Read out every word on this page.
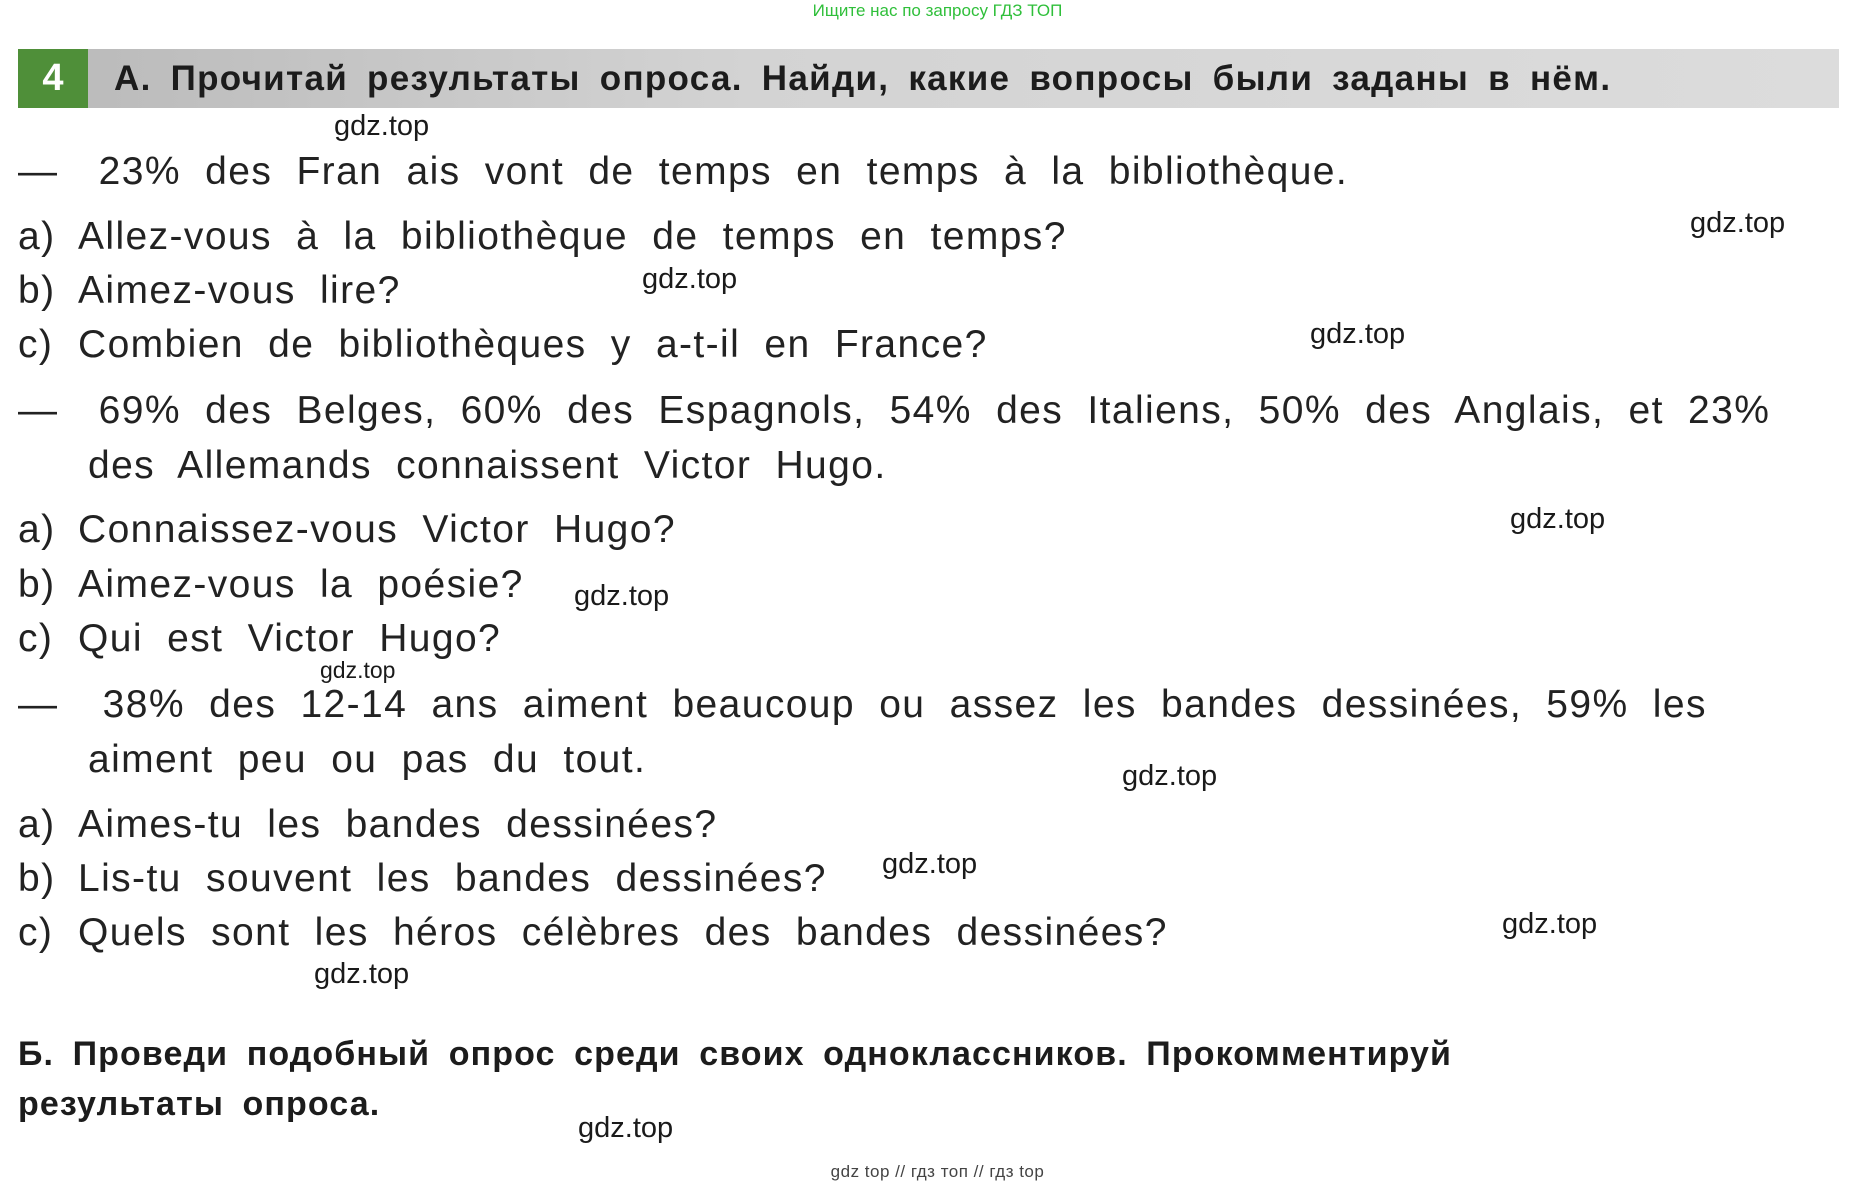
Ищите нас по запросу ГДЗ ТОП
4	А. Прочитай результаты опроса. Найди, какие вопросы были заданы в нём.
— 23% des Fran ais vont de temps en temps à la bibliothèque.
a) Allez-vous à la bibliothèque de temps en temps?
b) Aimez-vous lire?
c) Combien de bibliothèques y a-t-il en France?
— 69% des Belges, 60% des Espagnols, 54% des Italiens, 50% des Anglais, et 23%
des Allemands connaissent Victor Hugo.
a) Connaissez-vous Victor Hugo?
b) Aimez-vous la poésie?
c) Qui est Victor Hugo?
— 38% des 12-14 ans aiment beaucoup ou assez les bandes dessinées, 59% les
aiment peu ou pas du tout.
a) Aimes-tu les bandes dessinées?
b) Lis-tu souvent les bandes dessinées?
c) Quels sont les héros célèbres des bandes dessinées?
Б. Проведи подобный опрос среди своих одноклассников. Прокомментируй
результаты опроса.
gdz.top
gdz.top
gdz.top
gdz.top
gdz.top
gdz.top
gdz.top
gdz.top
gdz.top
gdz.top
gdz.top
gdz.top
gdz top // гдз топ // гдз top
